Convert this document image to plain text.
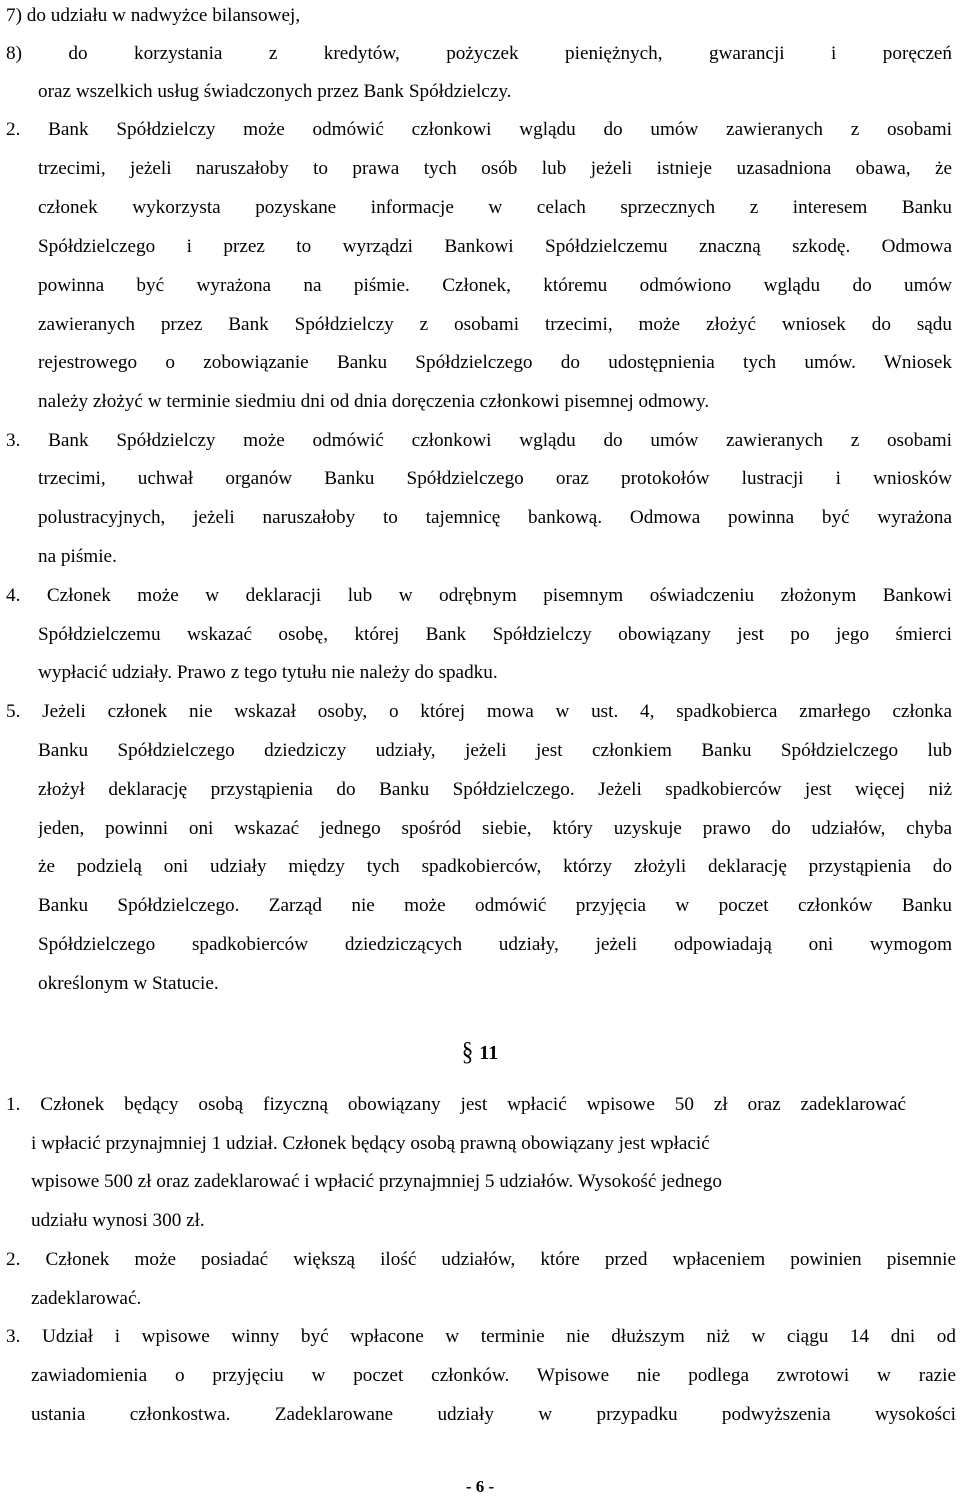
7) do udziału w nadwyżce bilansowej,
8) do korzystania z kredytów, pożyczek pieniężnych, gwarancji i poręczeń
oraz wszelkich usług świadczonych przez Bank Spółdzielczy.
2. Bank Spółdzielczy może odmówić członkowi wglądu do umów zawieranych z osobami
trzecimi, jeżeli naruszałoby to prawa tych osób lub jeżeli istnieje uzasadniona obawa, że
członek wykorzysta pozyskane informacje w celach sprzecznych z interesem Banku
Spółdzielczego i przez to wyrządzi Bankowi Spółdzielczemu znaczną szkodę. Odmowa
powinna być wyrażona na piśmie. Członek, któremu odmówiono wglądu do umów
zawieranych przez Bank Spółdzielczy z osobami trzecimi, może złożyć wniosek do sądu
rejestrowego o zobowiązanie Banku Spółdzielczego do udostępnienia tych umów. Wniosek
należy złożyć w terminie siedmiu dni od dnia doręczenia członkowi pisemnej odmowy.
3. Bank Spółdzielczy może odmówić członkowi wglądu do umów zawieranych z osobami
trzecimi, uchwał organów Banku Spółdzielczego oraz protokołów lustracji i wniosków
polustracyjnych, jeżeli naruszałoby to tajemnicę bankową. Odmowa powinna być wyrażona
na piśmie.
4. Członek może w deklaracji lub w odrębnym pisemnym oświadczeniu złożonym Bankowi
Spółdzielczemu wskazać osobę, której Bank Spółdzielczy obowiązany jest po jego śmierci
wypłacić udziały. Prawo z tego tytułu nie należy do spadku.
5. Jeżeli członek nie wskazał osoby, o której mowa w ust. 4, spadkobierca zmarłego członka
Banku Spółdzielczego dziedziczy udziały, jeżeli jest członkiem Banku Spółdzielczego lub
złożył deklarację przystąpienia do Banku Spółdzielczego. Jeżeli spadkobierców jest więcej niż
jeden, powinni oni wskazać jednego spośród siebie, który uzyskuje prawo do udziałów, chyba
że podzielą oni udziały między tych spadkobierców, którzy złożyli deklarację przystąpienia do
Banku Spółdzielczego. Zarząd nie może odmówić przyjęcia w poczet członków Banku
Spółdzielczego spadkobierców dziedziczących udziały, jeżeli odpowiadają oni wymogom
określonym w Statucie.
§ 11
1. Członek będący osobą fizyczną obowiązany jest wpłacić wpisowe 50 zł oraz zadeklarować
i wpłacić przynajmniej 1 udział. Członek będący osobą prawną obowiązany jest wpłacić
wpisowe 500 zł oraz zadeklarować i wpłacić przynajmniej 5 udziałów. Wysokość jednego
udziału wynosi 300 zł.
2. Członek może posiadać większą ilość udziałów, które przed wpłaceniem powinien pisemnie
zadeklarować.
3. Udział i wpisowe winny być wpłacone w terminie nie dłuższym niż w ciągu 14 dni od
zawiadomienia o przyjęciu w poczet członków. Wpisowe nie podlega zwrotowi w razie
ustania członkostwa. Zadeklarowane udziały w przypadku podwyższenia wysokości
- 6 -
